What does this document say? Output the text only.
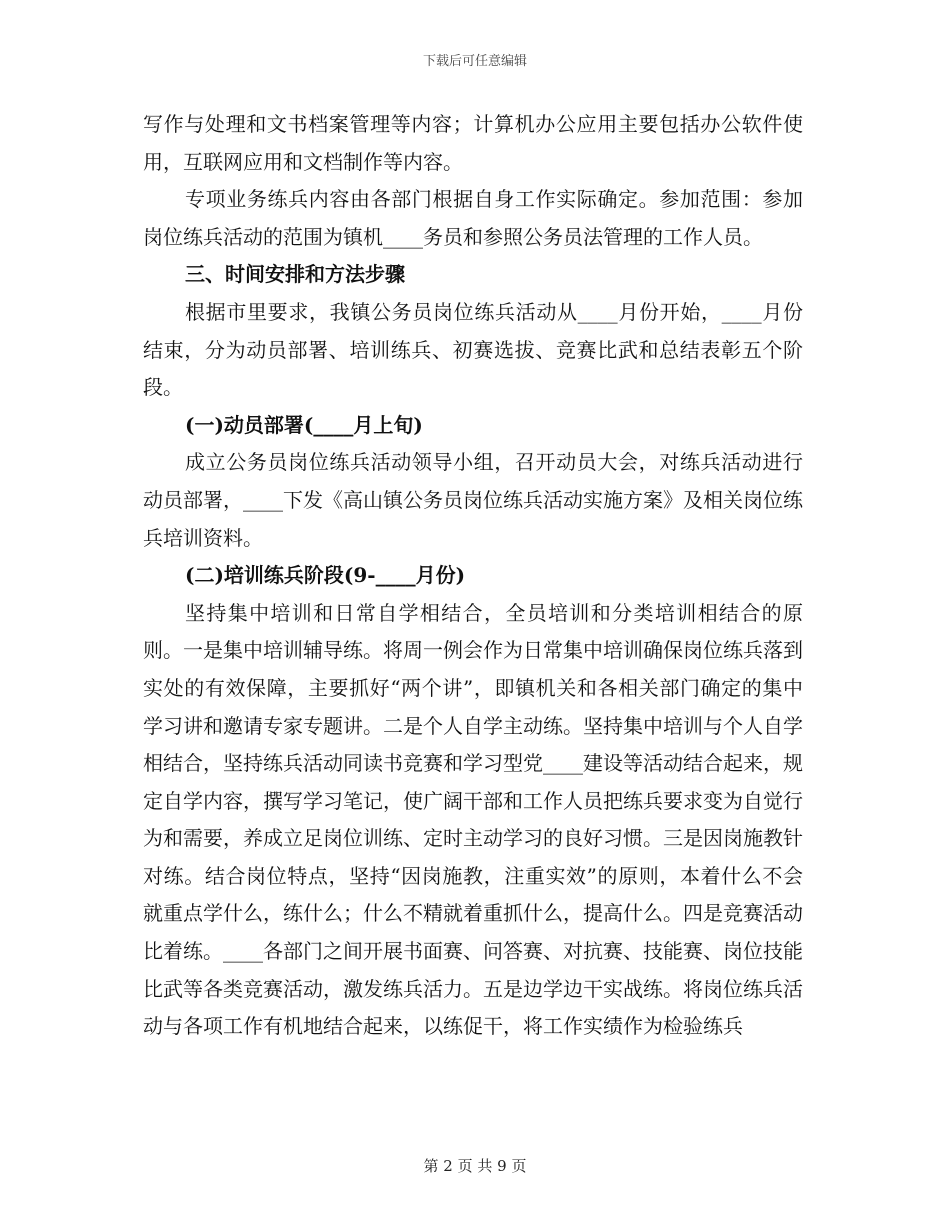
下载后可任意编辑

写作与处理和文书档案管理等内容；计算机办公应用主要包括办公软件使用，互联网应用和文档制作等内容。

专项业务练兵内容由各部门根据自身工作实际确定。参加范围：参加岗位练兵活动的范围为镇机____务员和参照公务员法管理的工作人员。

三、时间安排和方法步骤

根据市里要求，我镇公务员岗位练兵活动从____月份开始，____月份结束，分为动员部署、培训练兵、初赛选拔、竞赛比武和总结表彰五个阶段。

(一)动员部署(____月上旬)

成立公务员岗位练兵活动领导小组，召开动员大会，对练兵活动进行动员部署，____下发《高山镇公务员岗位练兵活动实施方案》及相关岗位练兵培训资料。

(二)培训练兵阶段(9-____月份)

坚持集中培训和日常自学相结合，全员培训和分类培训相结合的原则。一是集中培训辅导练。将周一例会作为日常集中培训确保岗位练兵落到实处的有效保障，主要抓好“两个讲”，即镇机关和各相关部门确定的集中学习讲和邀请专家专题讲。二是个人自学主动练。坚持集中培训与个人自学相结合，坚持练兵活动同读书竞赛和学习型党____建设等活动结合起来，规定自学内容，撰写学习笔记，使广阔干部和工作人员把练兵要求变为自觉行为和需要，养成立足岗位训练、定时主动学习的良好习惯。三是因岗施教针对练。结合岗位特点，坚持“因岗施教，注重实效”的原则，本着什么不会就重点学什么，练什么；什么不精就着重抓什么，提高什么。四是竞赛活动比着练。____各部门之间开展书面赛、问答赛、对抗赛、技能赛、岗位技能比武等各类竞赛活动，激发练兵活力。五是边学边干实战练。将岗位练兵活动与各项工作有机地结合起来，以练促干，将工作实绩作为检验练兵

第 2 页 共 9 页
